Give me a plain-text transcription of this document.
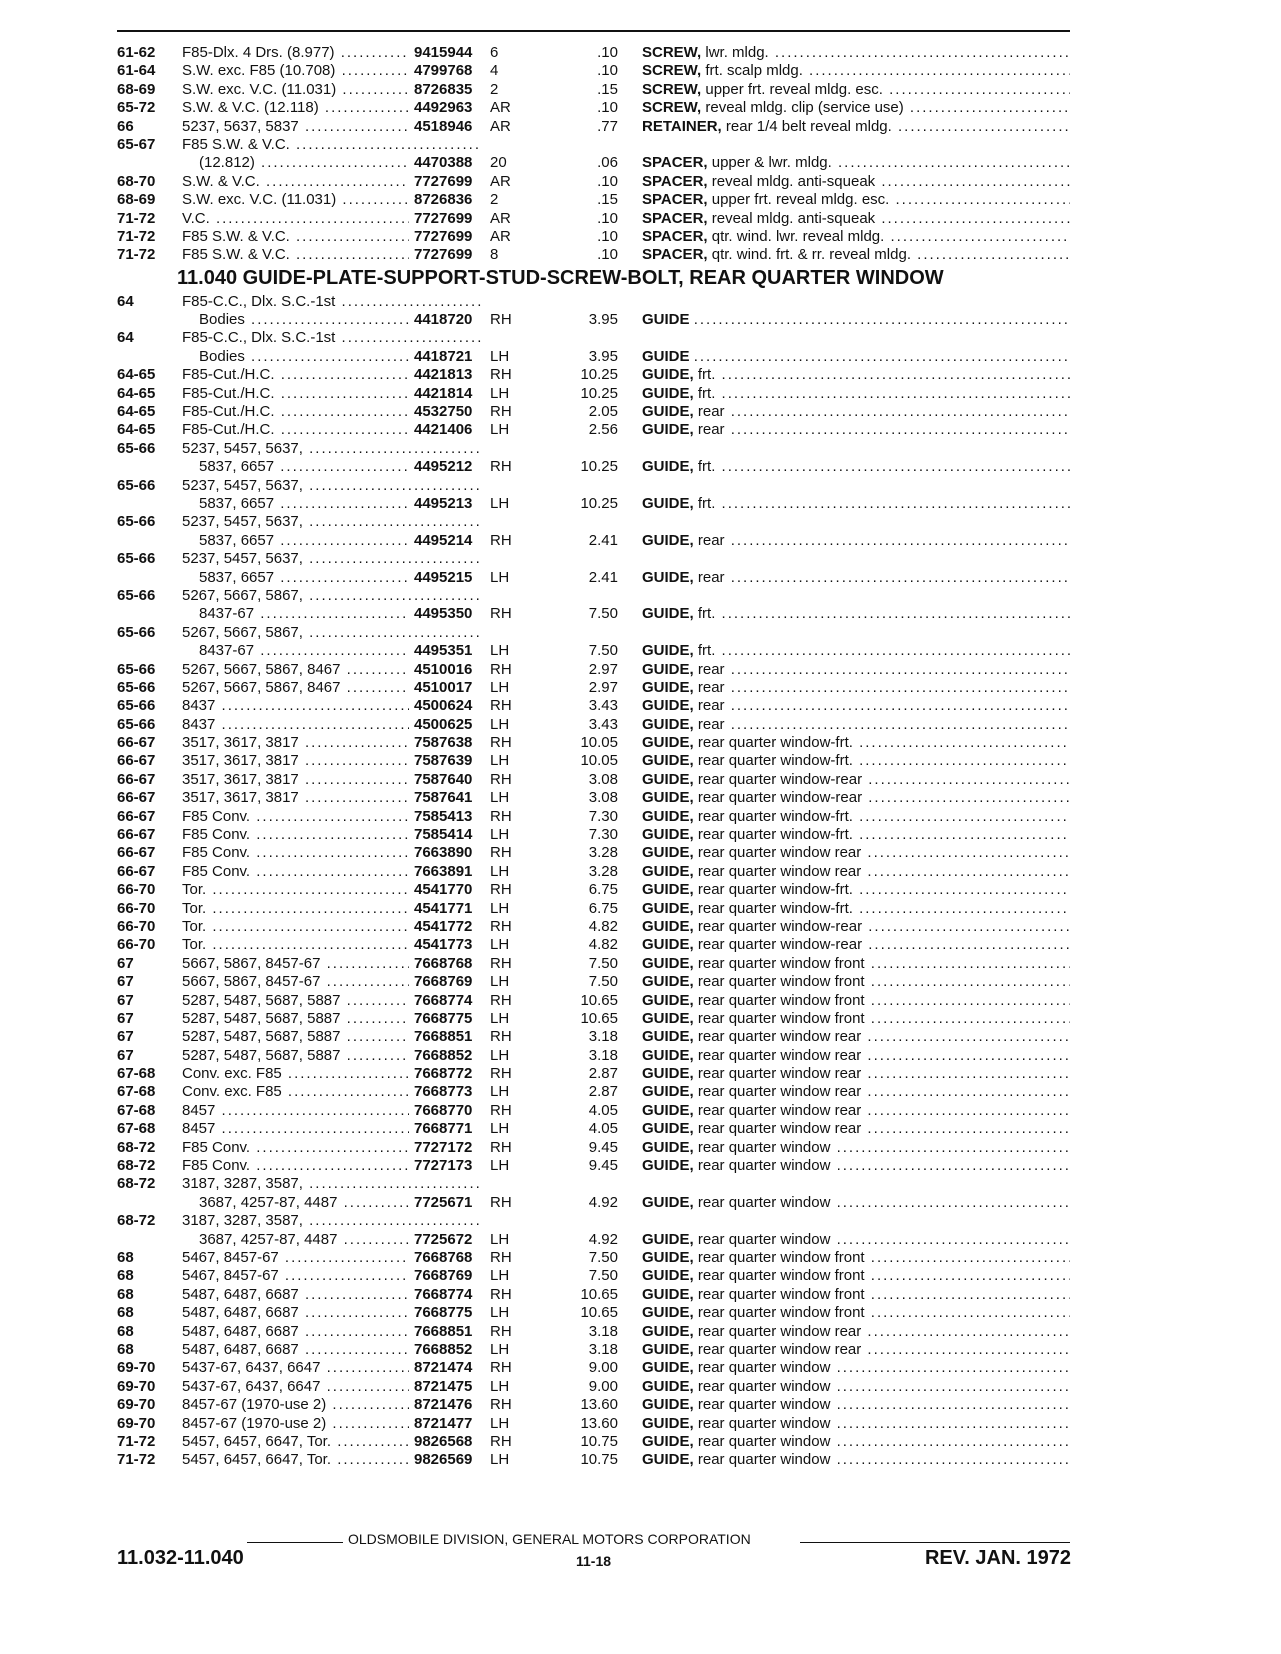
61-62 F85-Dlx. 4 Drs. (8.977) .....	9415944	6	.10 SCREW, lwr. mldg. .....
61-64 S.W. exc. F85 (10.708) .....	4799768	4	.10 SCREW, frt. scalp mldg. .....
68-69 S.W. exc. V.C. (11.031) .....	8726835	2	.15 SCREW, upper frt. reveal mldg. esc. .....
65-72 S.W. & V.C. (12.118) .....	4492963	AR	.10 SCREW, reveal mldg. clip (service use) .....
66	5237, 5637, 5837 .....	4518946	AR	.77 RETAINER, rear 1/4 belt reveal mldg. .....
65-67 F85 S.W. & V.C. .....
(12.812) .....	4470388	20	.06 SPACER, upper & lwr. mldg. .....
68-70 S.W. & V.C. .....	7727699	AR	.10 SPACER, reveal mldg. anti-squeak .....
68-69 S.W. exc. V.C. (11.031) .....	8726836	2	.15 SPACER, upper frt. reveal mldg. esc. .....
71-72 V.C. .....	7727699	AR	.10 SPACER, reveal mldg. anti-squeak .....
71-72 F85 S.W. & V.C. .....	7727699	AR	.10 SPACER, qtr. wind. lwr. reveal mldg. .....
71-72 F85 S.W. & V.C. .....	7727699	8	.10 SPACER, qtr. wind. frt. & rr. reveal mldg. .....
11.040 GUIDE-PLATE-SUPPORT-STUD-SCREW-BOLT, REAR QUARTER WINDOW
64	F85-C.C., Dlx. S.C.-1st .....
Bodies .....	4418720	RH	3.95 GUIDE .....
64	F85-C.C., Dlx. S.C.-1st .....
Bodies .....	4418721	LH	3.95 GUIDE .....
64-65 F85-Cut./H.C. .....	4421813	RH	10.25 GUIDE, frt. .....
64-65 F85-Cut./H.C. .....	4421814	LH	10.25 GUIDE, frt. .....
64-65 F85-Cut./H.C. .....	4532750	RH	2.05 GUIDE, rear .....
64-65 F85-Cut./H.C. .....	4421406	LH	2.56 GUIDE, rear .....
65-66 5237, 5457, 5637, .....
5837, 6657 .....	4495212	RH	10.25 GUIDE, frt. .....
65-66 5237, 5457, 5637, .....
5837, 6657 .....	4495213	LH	10.25 GUIDE, frt. .....
65-66 5237, 5457, 5637, .....
5837, 6657 .....	4495214	RH	2.41 GUIDE, rear .....
65-66 5237, 5457, 5637, .....
5837, 6657 .....	4495215	LH	2.41 GUIDE, rear .....
65-66 5267, 5667, 5867, .....
8437-67 .....	4495350	RH	7.50 GUIDE, frt. .....
65-66 5267, 5667, 5867, .....
8437-67 .....	4495351	LH	7.50 GUIDE, frt. .....
65-66 5267, 5667, 5867, 8467 .....	4510016	RH	2.97 GUIDE, rear .....
65-66 5267, 5667, 5867, 8467 .....	4510017	LH	2.97 GUIDE, rear .....
65-66 8437 .....	4500624	RH	3.43 GUIDE, rear .....
65-66 8437 .....	4500625	LH	3.43 GUIDE, rear .....
66-67 3517, 3617, 3817 .....	7587638	RH	10.05 GUIDE, rear quarter window-frt. .....
66-67 3517, 3617, 3817 .....	7587639	LH	10.05 GUIDE, rear quarter window-frt. .....
66-67 3517, 3617, 3817 .....	7587640	RH	3.08 GUIDE, rear quarter window-rear .....
66-67 3517, 3617, 3817 .....	7587641	LH	3.08 GUIDE, rear quarter window-rear .....
66-67 F85 Conv. .....	7585413	RH	7.30 GUIDE, rear quarter window-frt. .....
66-67 F85 Conv. .....	7585414	LH	7.30 GUIDE, rear quarter window-frt. .....
66-67 F85 Conv. .....	7663890	RH	3.28 GUIDE, rear quarter window rear .....
66-67 F85 Conv. .....	7663891	LH	3.28 GUIDE, rear quarter window rear .....
66-70 Tor. .....	4541770	RH	6.75 GUIDE, rear quarter window-frt. .....
66-70 Tor. .....	4541771	LH	6.75 GUIDE, rear quarter window-frt. .....
66-70 Tor. .....	4541772	RH	4.82 GUIDE, rear quarter window-rear .....
66-70 Tor. .....	4541773	LH	4.82 GUIDE, rear quarter window-rear .....
67	5667, 5867, 8457-67 .....	7668768	RH	7.50 GUIDE, rear quarter window front .....
67	5667, 5867, 8457-67 .....	7668769	LH	7.50 GUIDE, rear quarter window front .....
67	5287, 5487, 5687, 5887 .....	7668774	RH	10.65 GUIDE, rear quarter window front .....
67	5287, 5487, 5687, 5887 .....	7668775	LH	10.65 GUIDE, rear quarter window front .....
67	5287, 5487, 5687, 5887 .....	7668851	RH	3.18 GUIDE, rear quarter window rear .....
67	5287, 5487, 5687, 5887 .....	7668852	LH	3.18 GUIDE, rear quarter window rear .....
67-68 Conv. exc. F85 .....	7668772	RH	2.87 GUIDE, rear quarter window rear .....
67-68 Conv. exc. F85 .....	7668773	LH	2.87 GUIDE, rear quarter window rear .....
67-68 8457 .....	7668770	RH	4.05 GUIDE, rear quarter window rear .....
67-68 8457 .....	7668771	LH	4.05 GUIDE, rear quarter window rear .....
68-72 F85 Conv. .....	7727172	RH	9.45 GUIDE, rear quarter window .....
68-72 F85 Conv. .....	7727173	LH	9.45 GUIDE, rear quarter window .....
68-72 3187, 3287, 3587, .....
3687, 4257-87, 4487 .....	7725671	RH	4.92 GUIDE, rear quarter window .....
68-72 3187, 3287, 3587, .....
3687, 4257-87, 4487 .....	7725672	LH	4.92 GUIDE, rear quarter window .....
68	5467, 8457-67 .....	7668768	RH	7.50 GUIDE, rear quarter window front .....
68	5467, 8457-67 .....	7668769	LH	7.50 GUIDE, rear quarter window front .....
68	5487, 6487, 6687 .....	7668774	RH	10.65 GUIDE, rear quarter window front .....
68	5487, 6487, 6687 .....	7668775	LH	10.65 GUIDE, rear quarter window front .....
68	5487, 6487, 6687 .....	7668851	RH	3.18 GUIDE, rear quarter window rear .....
68	5487, 6487, 6687 .....	7668852	LH	3.18 GUIDE, rear quarter window rear .....
69-70 5437-67, 6437, 6647 .....	8721474	RH	9.00 GUIDE, rear quarter window .....
69-70 5437-67, 6437, 6647 .....	8721475	LH	9.00 GUIDE, rear quarter window .....
69-70 8457-67 (1970-use 2) .....	8721476	RH	13.60 GUIDE, rear quarter window .....
69-70 8457-67 (1970-use 2) .....	8721477	LH	13.60 GUIDE, rear quarter window .....
71-72 5457, 6457, 6647, Tor. .....	9826568	RH	10.75 GUIDE, rear quarter window .....
71-72 5457, 6457, 6647, Tor. .....	9826569	LH	10.75 GUIDE, rear quarter window .....
OLDSMOBILE DIVISION, GENERAL MOTORS CORPORATION
11.032-11.040	11-18	REV. JAN. 1972
